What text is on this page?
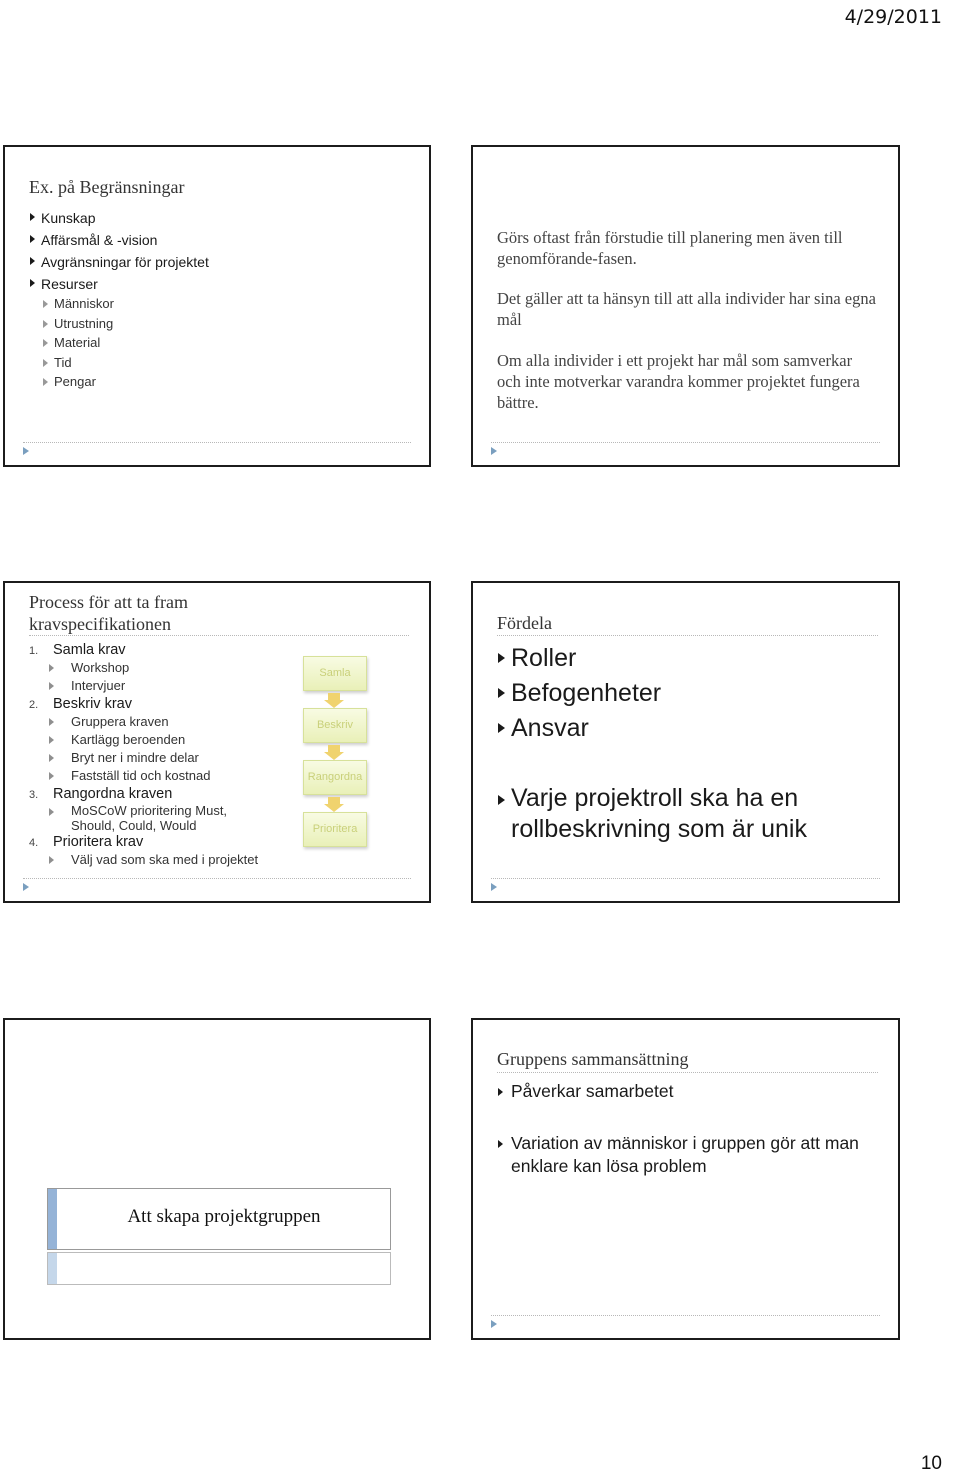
4/29/2011
Ex. på Begränsningar
Kunskap
Affärsmål & -vision
Avgränsningar för projektet
Resurser
Människor
Utrustning
Material
Tid
Pengar
Görs oftast från förstudie till planering men även till genomförande-fasen.
Det gäller att ta hänsyn till att alla individer har sina egna mål
Om alla individer i ett projekt har mål som samverkar och inte motverkar varandra kommer projektet fungera bättre.
Process för att ta fram kravspecifikationen
1. Samla krav
Workshop
Intervjuer
2. Beskriv krav
Gruppera kraven
Kartlägg beroenden
Bryt ner i mindre delar
Fastställ tid och kostnad
3. Rangordna kraven
MoSCoW prioritering Must, Should, Could, Would
4. Prioritera krav
Välj vad som ska med i projektet
Samla
Beskriv
Rangordna
Prioritera
Fördela
Roller
Befogenheter
Ansvar
Varje projektroll ska ha en rollbeskrivning som är unik
Att skapa projektgruppen
Gruppens sammansättning
Påverkar samarbetet
Variation av människor i gruppen gör att man enklare kan lösa problem
10
